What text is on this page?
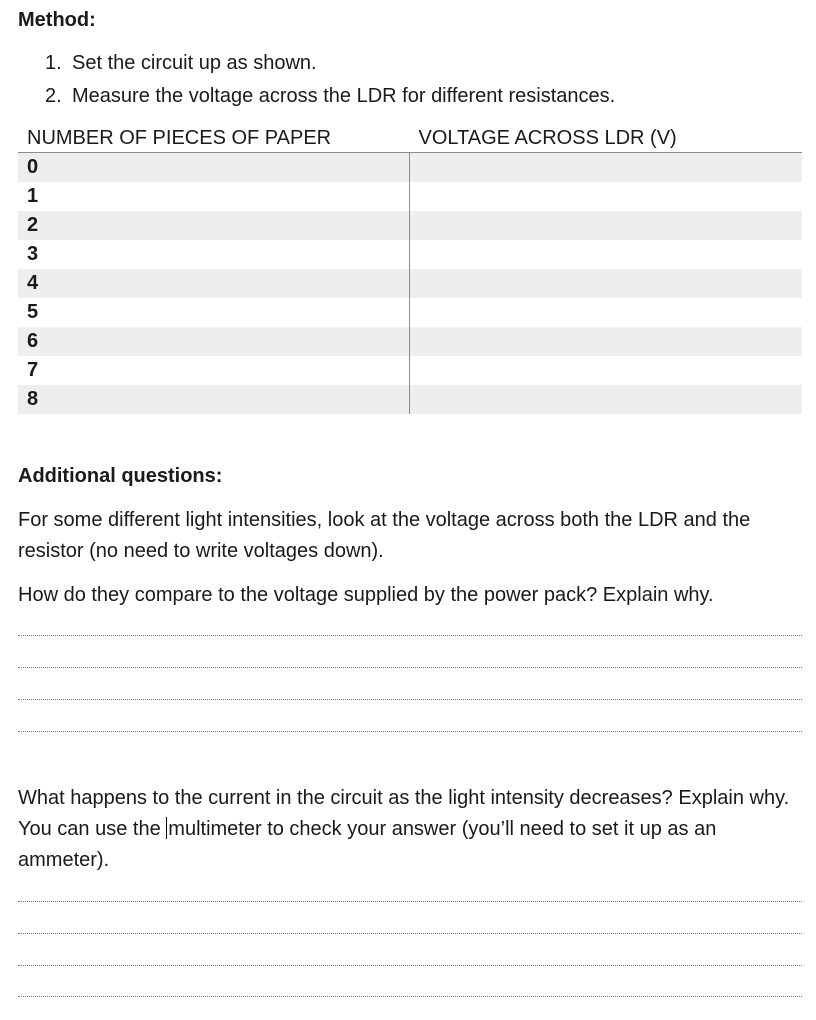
Method:
1. Set the circuit up as shown.
2. Measure the voltage across the LDR for different resistances.
NUMBER OF PIECES OF PAPER	VOLTAGE ACROSS LDR (V)
0	
1	
2	
3	
4	
5	
6	
7	
8	
Additional questions:

For some different light intensities, look at the voltage across both the LDR and the resistor (no need to write voltages down).

How do they compare to the voltage supplied by the power pack? Explain why.

What happens to the current in the circuit as the light intensity decreases? Explain why. You can use the multimeter to check your answer (you’ll need to set it up as an ammeter).
